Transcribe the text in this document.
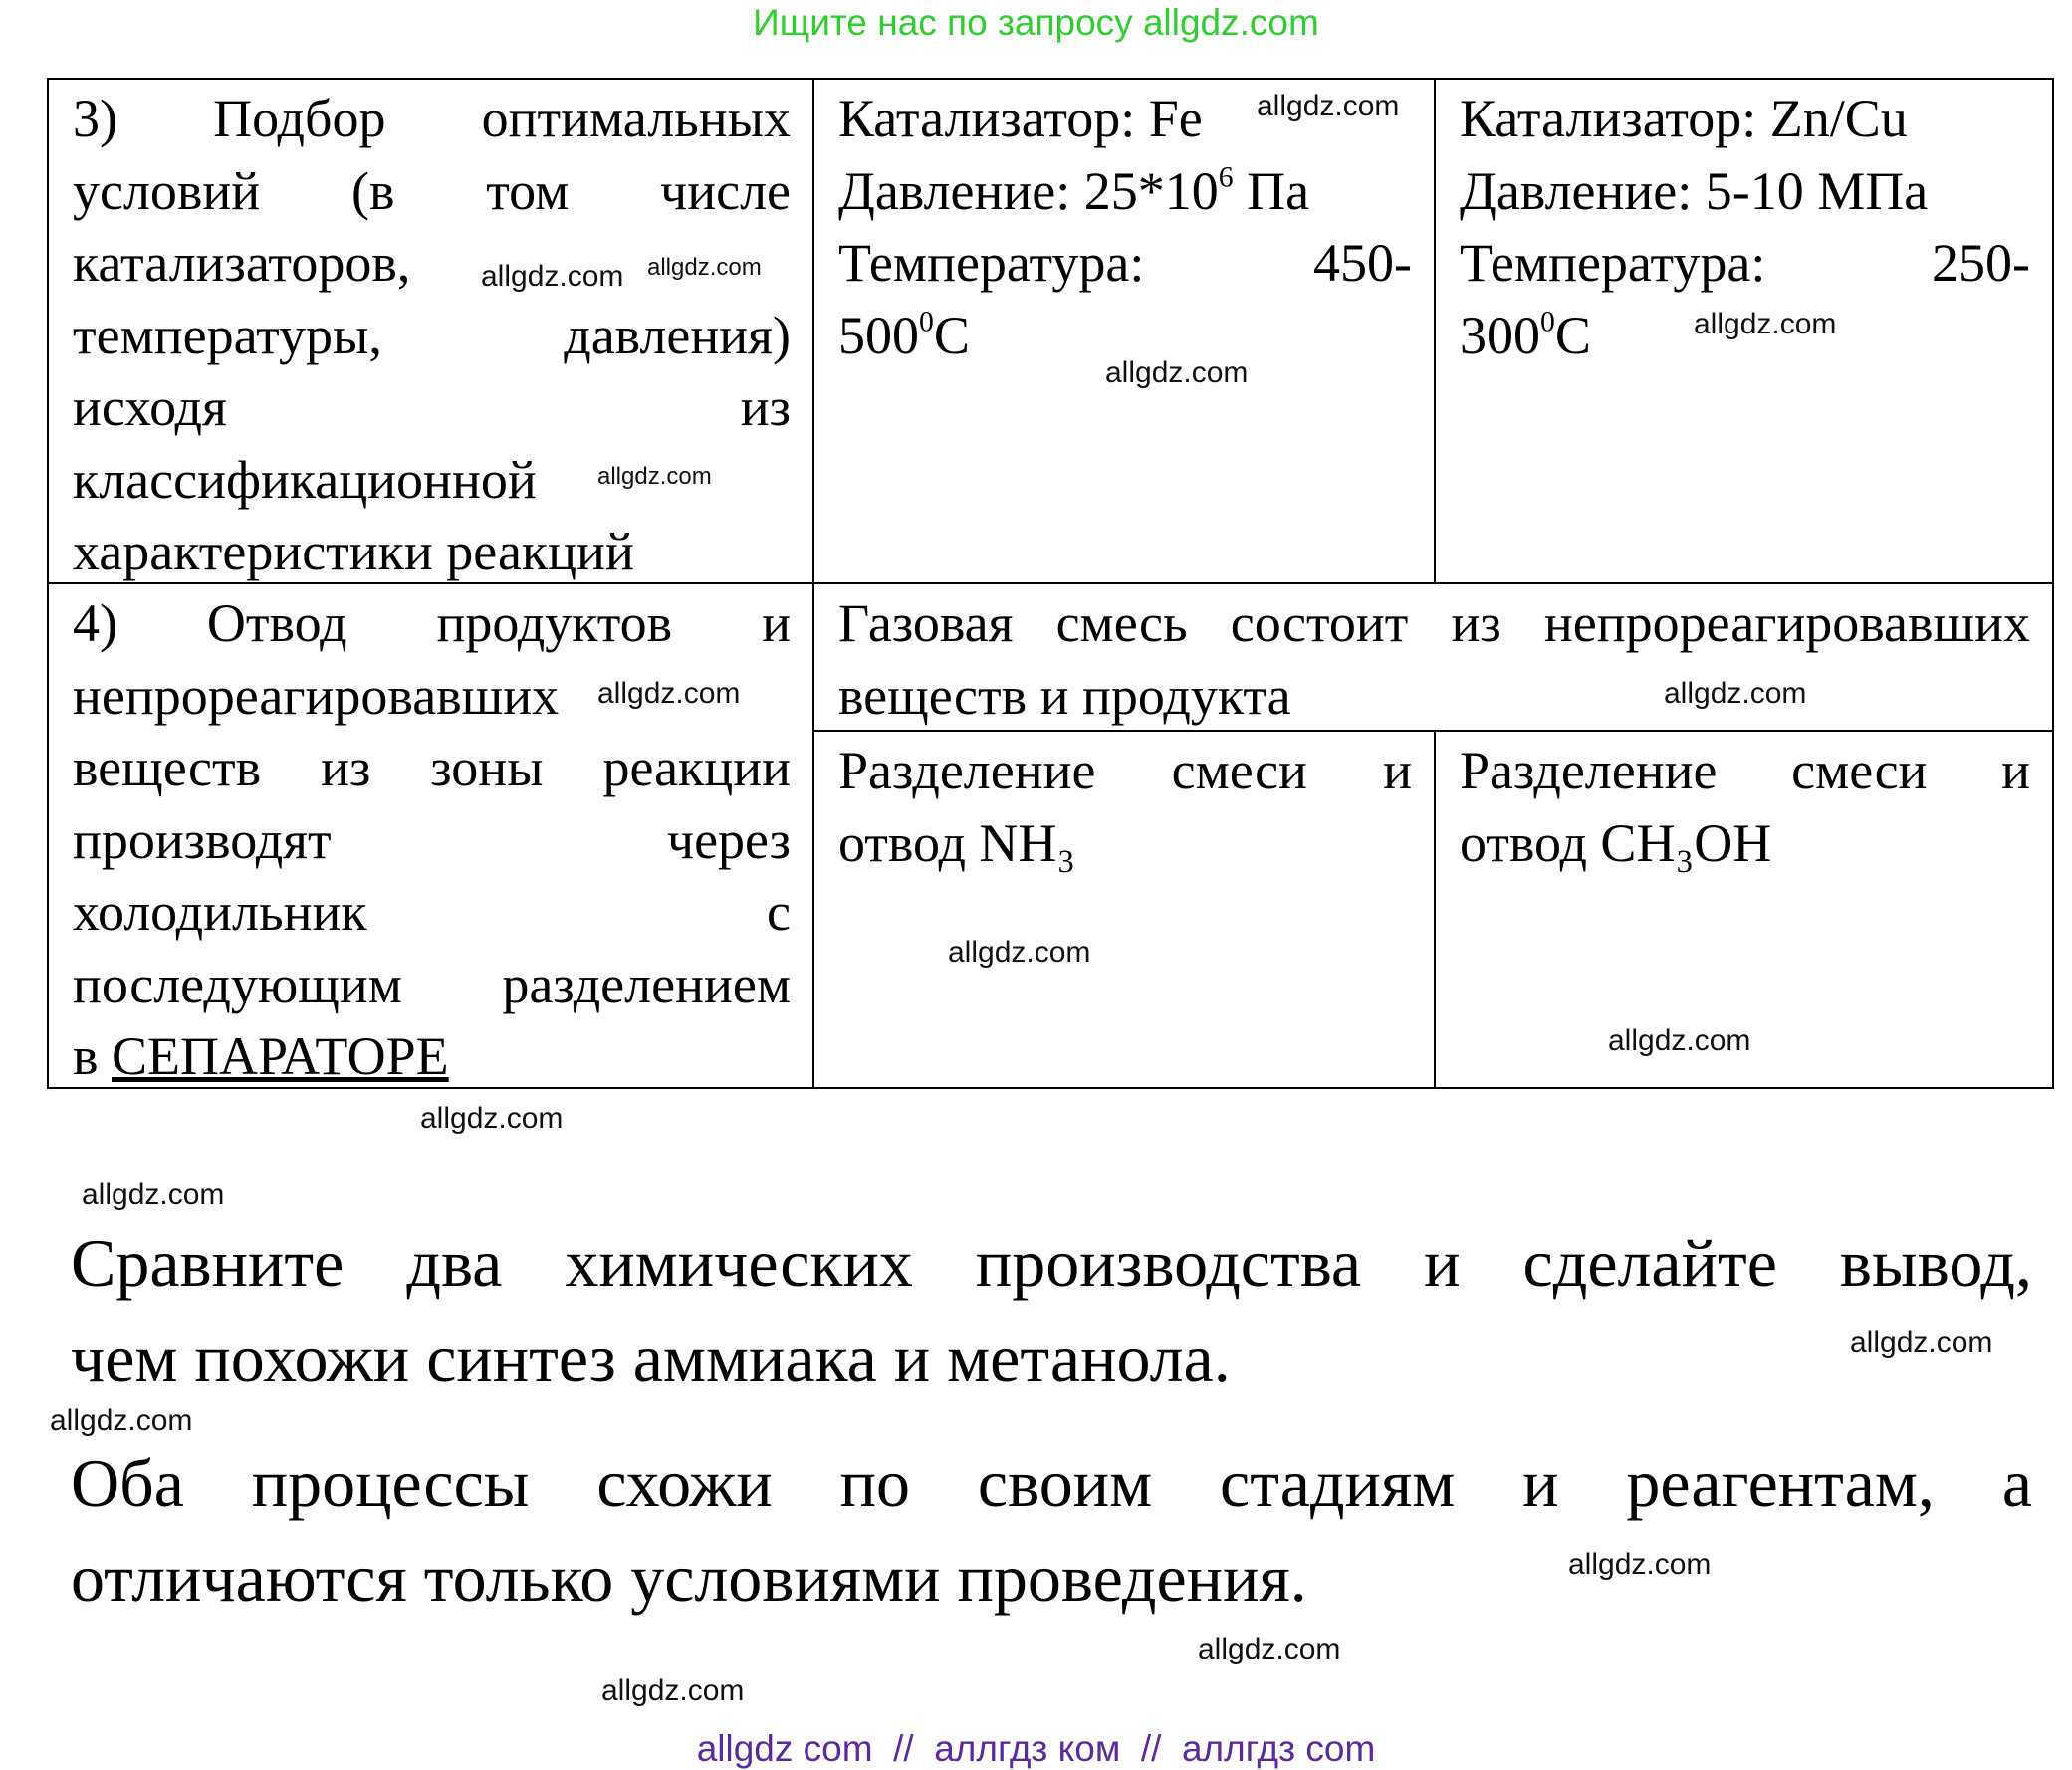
Ищите нас по запросу allgdz.com
3) Подбор оптимальных
условий (в том числе
катализаторов,
температуры, давления)
исходя из
классификационной
характеристики реакций
Катализатор: Fe
Давление: $25*10^6$ Па
Температура: 450-
$500^0С$
Катализатор: Zn/Cu
Давление: 5-10 МПа
Температура: 250-
$300^0С$
4) Отвод продуктов и
непрореагировавших
веществ из зоны реакции
производят через
холодильник с
последующим разделением
в СЕПАРАТОРЕ
Газовая смесь состоит из непрореагировавших
веществ и продукта
Разделение смеси и
отвод NH₃
Разделение смеси и
отвод CH₃OH
Сравните два химических производства и сделайте вывод,
чем похожи синтез аммиака и метанола.
Оба процессы схожи по своим стадиям и реагентам, а
отличаются только условиями проведения.
allgdz.com
allgdz.com
allgdz.com
allgdz.com
allgdz.com
allgdz.com
allgdz.com
allgdz.com
allgdz.com
allgdz.com
allgdz.com
allgdz.com
allgdz.com
allgdz.com
allgdz.com
allgdz.com
allgdz.com
allgdz com  //  аллгдз ком  //  аллгдз com
